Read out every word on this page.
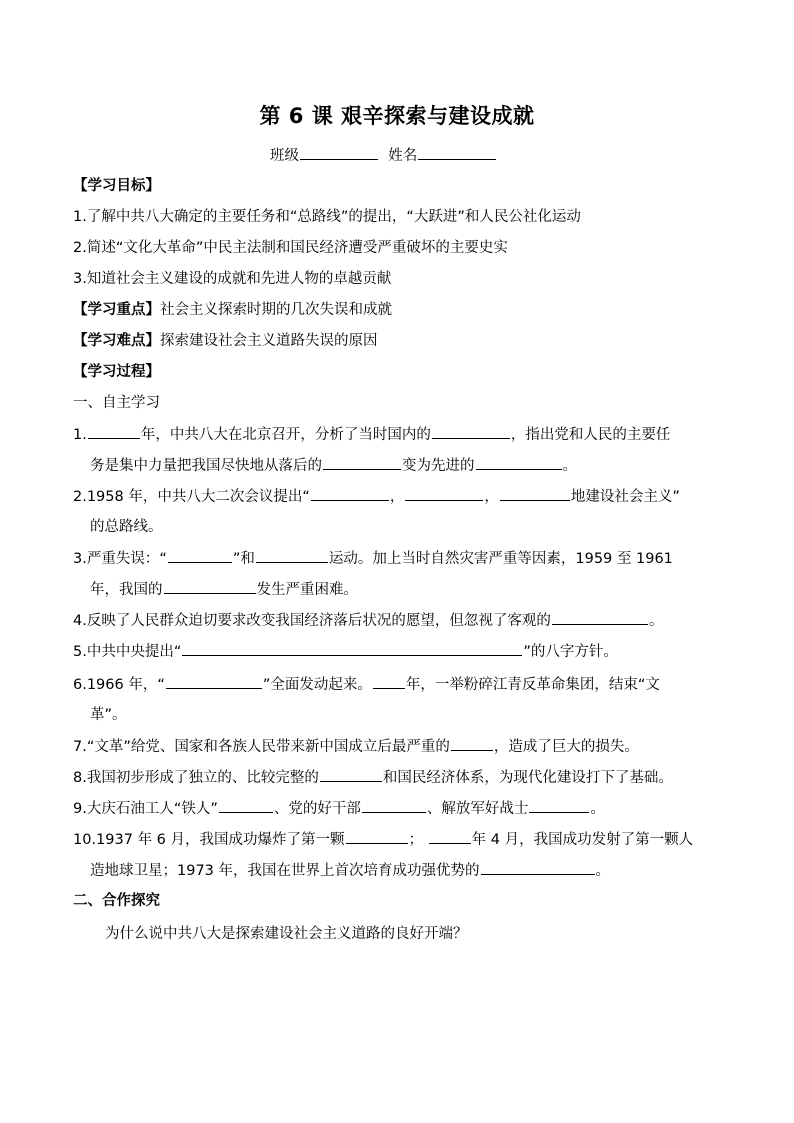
第 6 课 艰辛探索与建设成就
班级	姓名
【学习目标】
1.了解中共八大确定的主要任务和“总路线”的提出，“大跃进”和人民公社化运动
2.简述“文化大革命”中民主法制和国民经济遭受严重破坏的主要史实
3.知道社会主义建设的成就和先进人物的卓越贡献
【学习重点】社会主义探索时期的几次失误和成就
【学习难点】探索建设社会主义道路失误的原因
【学习过程】
一、自主学习
1.	年，中共八大在北京召开，分析了当时国内的	，指出党和人民的主要任
务是集中力量把我国尽快地从落后的	变为先进的	。
2.1958 年，中共八大二次会议提出“	，	，	地建设社会主义”
的总路线。
3.严重失误：“	”和	运动。加上当时自然灾害严重等因素，1959 至 1961
年，我国的	发生严重困难。
4.反映了人民群众迫切要求改变我国经济落后状况的愿望，但忽视了客观的	。
5.中共中央提出“	”的八字方针。
6.1966 年，“	”全面发动起来。 年，一举粉碎江青反革命集团，结束“文
革”。
7.“文革”给党、国家和各族人民带来新中国成立后最严重的	，造成了巨大的损失。
8.我国初步形成了独立的、比较完整的	和国民经济体系，为现代化建设打下了基础。
9.大庆石油工人“铁人”	、党的好干部	、解放军好战士	。
10.1937 年 6 月，我国成功爆炸了第一颗	；	年 4 月，我国成功发射了第一颗人
造地球卫星；1973 年，我国在世界上首次培育成功强优势的	。
二、合作探究
为什么说中共八大是探索建设社会主义道路的良好开端？
